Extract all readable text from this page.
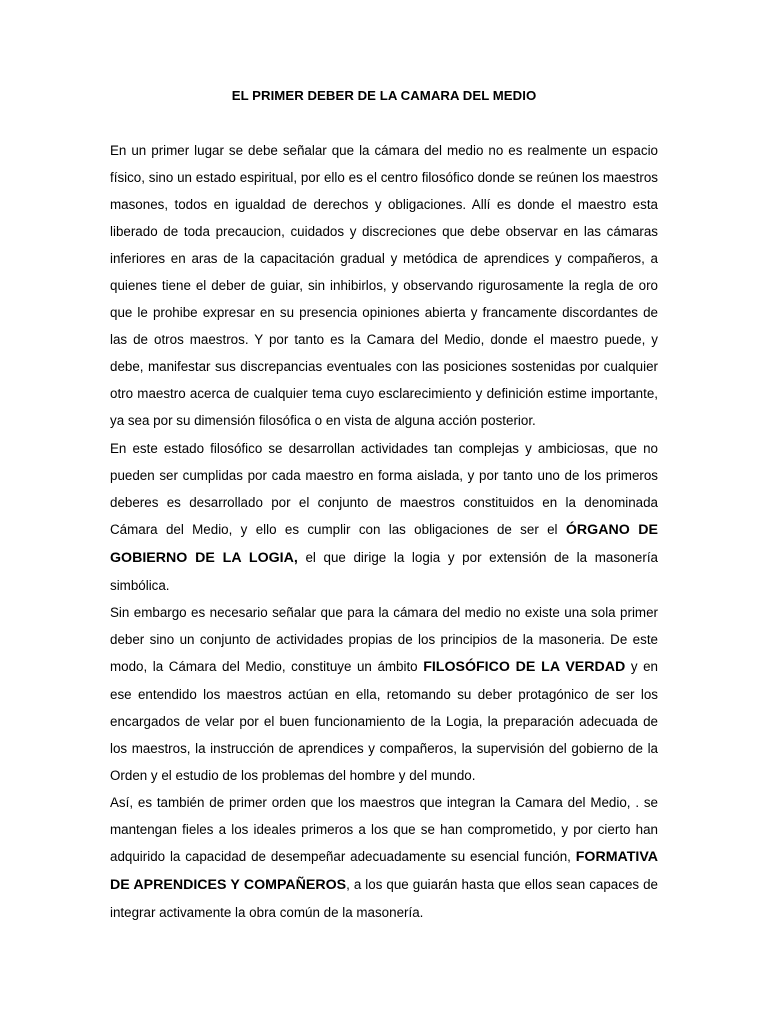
EL PRIMER DEBER DE LA CAMARA DEL MEDIO

En un primer lugar se debe señalar que la cámara del medio no es realmente un espacio físico, sino un estado espiritual, por ello es el centro filosófico donde se reúnen los maestros masones, todos en igualdad de derechos y obligaciones. Allí es donde el maestro esta liberado de toda precaucion, cuidados y discreciones que debe observar en las cámaras inferiores en aras de la capacitación gradual y metódica de aprendices y compañeros, a quienes tiene el deber de guiar, sin inhibirlos, y observando rigurosamente la regla de oro que le prohibe expresar en su presencia opiniones abierta y francamente discordantes de las de otros maestros. Y por tanto es la Camara del Medio, donde el maestro puede, y debe, manifestar sus discrepancias eventuales con las posiciones sostenidas por cualquier otro maestro acerca de cualquier tema cuyo esclarecimiento y definición estime importante, ya sea por su dimensión filosófica o en vista de alguna acción posterior.

En este estado filosófico se desarrollan actividades tan complejas y ambiciosas, que no pueden ser cumplidas por cada maestro en forma aislada, y por tanto uno de los primeros deberes es desarrollado por el conjunto de maestros constituidos en la denominada Cámara del Medio, y ello es cumplir con las obligaciones de ser el ÓRGANO DE GOBIERNO DE LA LOGIA, el que dirige la logia y por extensión de la masonería simbólica.

Sin embargo es necesario señalar que para la cámara del medio no existe una sola primer deber sino un conjunto de actividades propias de los principios de la masoneria. De este modo, la Cámara del Medio, constituye un ámbito FILOSÓFICO DE LA VERDAD y en ese entendido los maestros actúan en ella, retomando su deber protagónico de ser los encargados de velar por el buen funcionamiento de la Logia, la preparación adecuada de los maestros, la instrucción de aprendices y compañeros, la supervisión del gobierno de la Orden y el estudio de los problemas del hombre y del mundo.

Así, es también de primer orden que los maestros que integran la Camara del Medio, . se mantengan fieles a los ideales primeros a los que se han comprometido, y por cierto han adquirido la capacidad de desempeñar adecuadamente su esencial función, FORMATIVA DE APRENDICES Y COMPAÑEROS, a los que guiarán hasta que ellos sean capaces de integrar activamente la obra común de la masonería.
